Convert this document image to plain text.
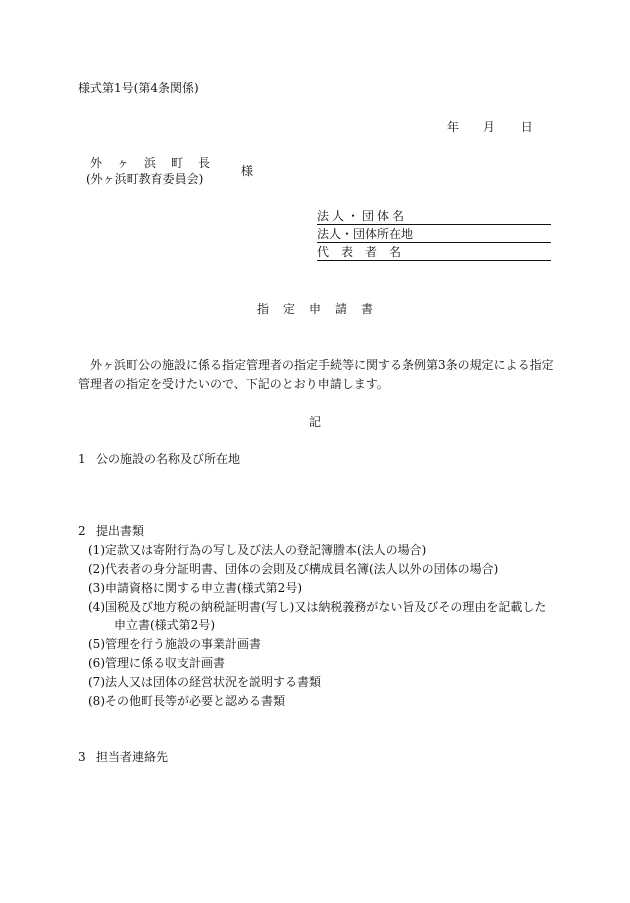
様式第1号(第4条関係)
年 月 日
外ヶ浜町長
(外ヶ浜町教育委員会)
様
法人・団体名
法人・団体所在地
代　表　者　名
指定申請書
外ヶ浜町公の施設に係る指定管理者の指定手続等に関する条例第3条の規定による指定管理者の指定を受けたいので、下記のとおり申請します。
記
1 公の施設の名称及び所在地
2 提出書類
(1)定款又は寄附行為の写し及び法人の登記簿謄本(法人の場合)
(2)代表者の身分証明書、団体の会則及び構成員名簿(法人以外の団体の場合)
(3)申請資格に関する申立書(様式第2号)
(4)国税及び地方税の納税証明書(写し)又は納税義務がない旨及びその理由を記載した
申立書(様式第2号)
(5)管理を行う施設の事業計画書
(6)管理に係る収支計画書
(7)法人又は団体の経営状況を説明する書類
(8)その他町長等が必要と認める書類
3 担当者連絡先
